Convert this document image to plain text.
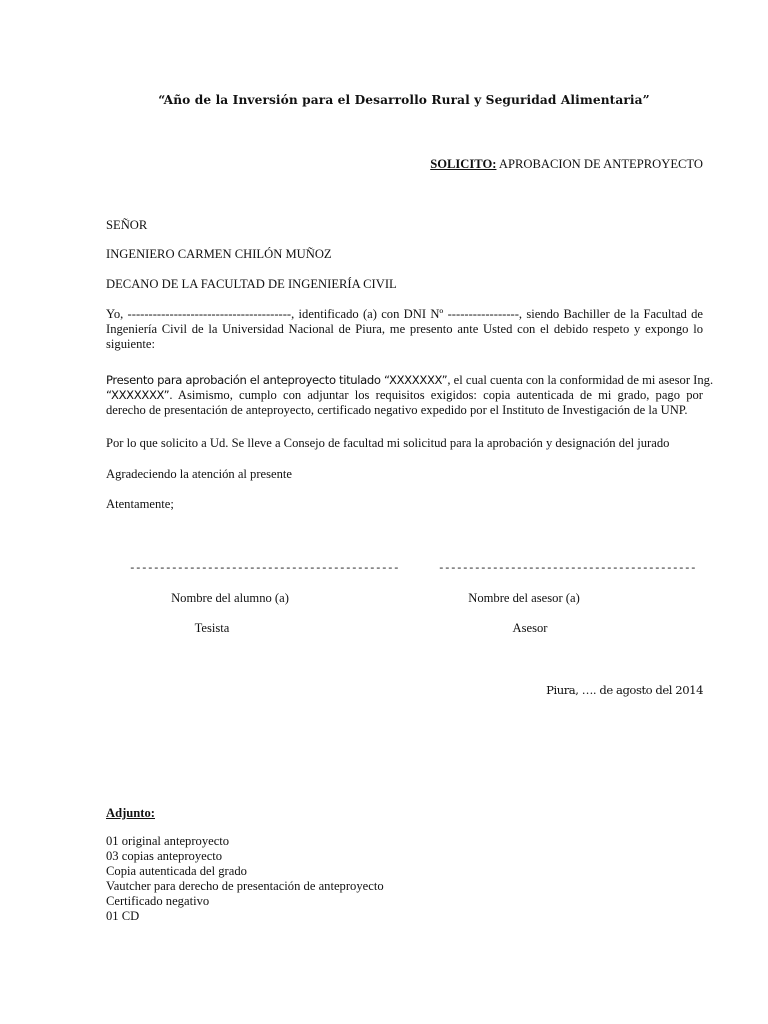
“Año de la Inversión para el Desarrollo Rural y Seguridad Alimentaria”
SOLICITO: APROBACION DE ANTEPROYECTO
SEÑOR
INGENIERO CARMEN CHILÓN MUÑOZ
DECANO DE LA FACULTAD DE INGENIERÍA CIVIL
Yo, ---------------------------------------, identificado (a) con DNI Nº -----------------, siendo Bachiller de la Facultad de
Ingeniería Civil de la Universidad Nacional de Piura, me presento ante Usted con el debido respeto y expongo lo
siguiente:
Presento para aprobación el anteproyecto titulado “XXXXXXX”, el cual cuenta con la conformidad de mi asesor Ing.
“XXXXXXX”. Asimismo, cumplo con adjuntar los requisitos exigidos: copia autenticada de mi grado, pago por
derecho de presentación de anteproyecto, certificado negativo expedido por el Instituto de Investigación de la UNP.
Por lo que solicito a Ud. Se lleve a Consejo de facultad mi solicitud para la aprobación y designación del jurado
Agradeciendo la atención al presente
Atentamente;
---------------------------------------------	-------------------------------------------
Nombre del alumno (a)	Nombre del asesor (a)
Tesista	Asesor
Piura, …. de agosto del 2014
Adjunto:
01 original anteproyecto
03 copias anteproyecto
Copia autenticada del grado
Vautcher para derecho de presentación de anteproyecto
Certificado negativo
01 CD
